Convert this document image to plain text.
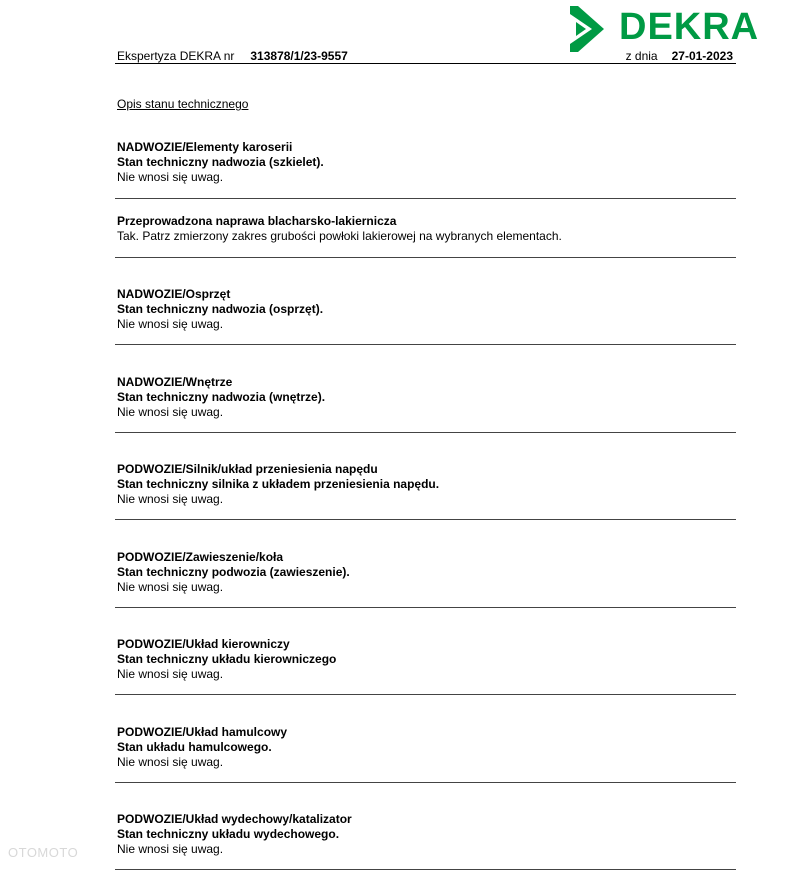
DEKRA
Ekspertyza DEKRA nr 313878/1/23-9557	z dnia 27-01-2023
Opis stanu technicznego
NADWOZIE/Elementy karoserii
Stan techniczny nadwozia (szkielet).
Nie wnosi się uwag.
Przeprowadzona naprawa blacharsko-lakiernicza
Tak. Patrz zmierzony zakres grubości powłoki lakierowej na wybranych elementach.
NADWOZIE/Osprzęt
Stan techniczny nadwozia (osprzęt).
Nie wnosi się uwag.
NADWOZIE/Wnętrze
Stan techniczny nadwozia (wnętrze).
Nie wnosi się uwag.
PODWOZIE/Silnik/układ przeniesienia napędu
Stan techniczny silnika z układem przeniesienia napędu.
Nie wnosi się uwag.
PODWOZIE/Zawieszenie/koła
Stan techniczny podwozia (zawieszenie).
Nie wnosi się uwag.
PODWOZIE/Układ kierowniczy
Stan techniczny układu kierowniczego
Nie wnosi się uwag.
PODWOZIE/Układ hamulcowy
Stan układu hamulcowego.
Nie wnosi się uwag.
PODWOZIE/Układ wydechowy/katalizator
Stan techniczny układu wydechowego.
Nie wnosi się uwag.
OTOMOTO
